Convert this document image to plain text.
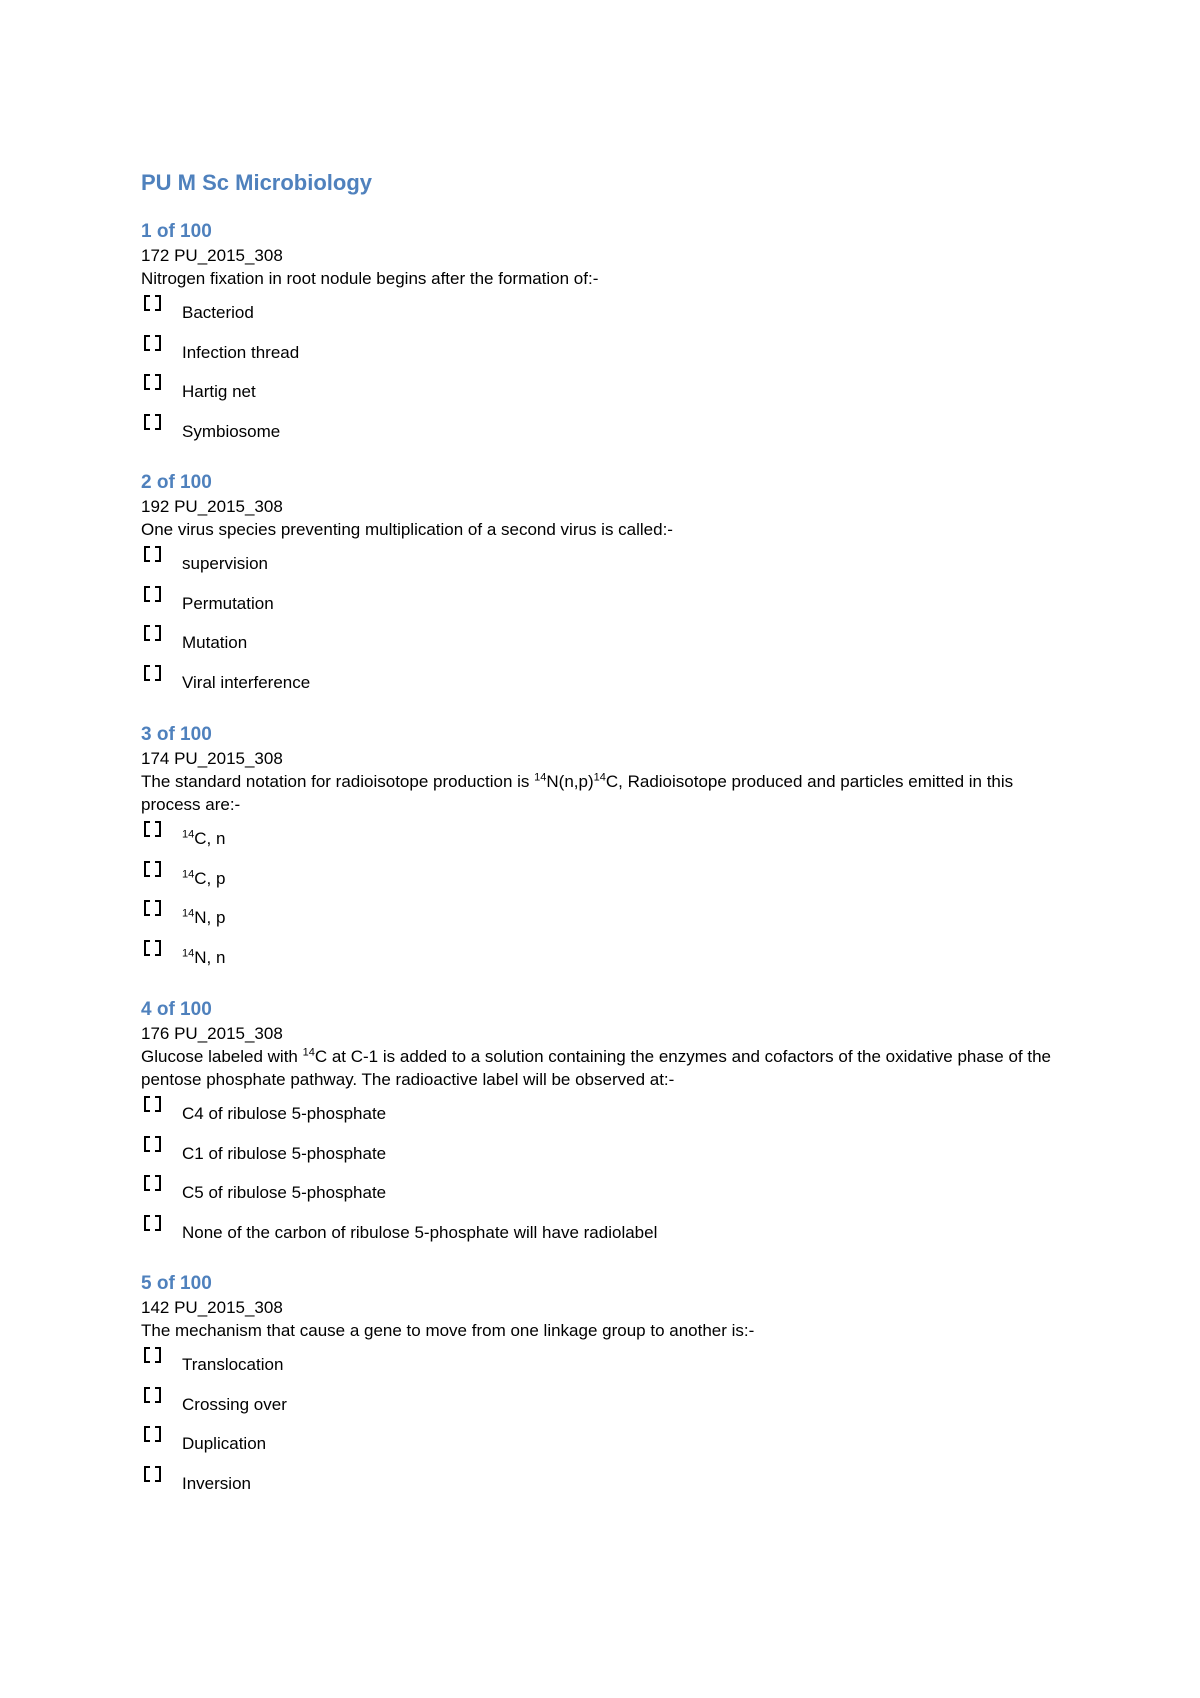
PU M Sc Microbiology
1 of 100
172 PU_2015_308
Nitrogen fixation in root nodule begins after the formation of:-
Bacteriod
Infection thread
Hartig net
Symbiosome
2 of 100
192 PU_2015_308
One virus species preventing multiplication of a second virus is called:-
supervision
Permutation
Mutation
Viral interference
3 of 100
174 PU_2015_308
The standard notation for radioisotope production is $^{14}N(n,p)^{14}C$, Radioisotope produced and particles emitted in this process are:-
$^{14}$C, n
$^{14}$C, p
$^{14}$N, p
$^{14}$N, n
4 of 100
176 PU_2015_308
Glucose labeled with $^{14}$C at C-1 is added to a solution containing the enzymes and cofactors of the oxidative phase of the pentose phosphate pathway. The radioactive label will be observed at:-
C4 of ribulose 5-phosphate
C1 of ribulose 5-phosphate
C5 of ribulose 5-phosphate
None of the carbon of ribulose 5-phosphate will have radiolabel
5 of 100
142 PU_2015_308
The mechanism that cause a gene to move from one linkage group to another is:-
Translocation
Crossing over
Duplication
Inversion
